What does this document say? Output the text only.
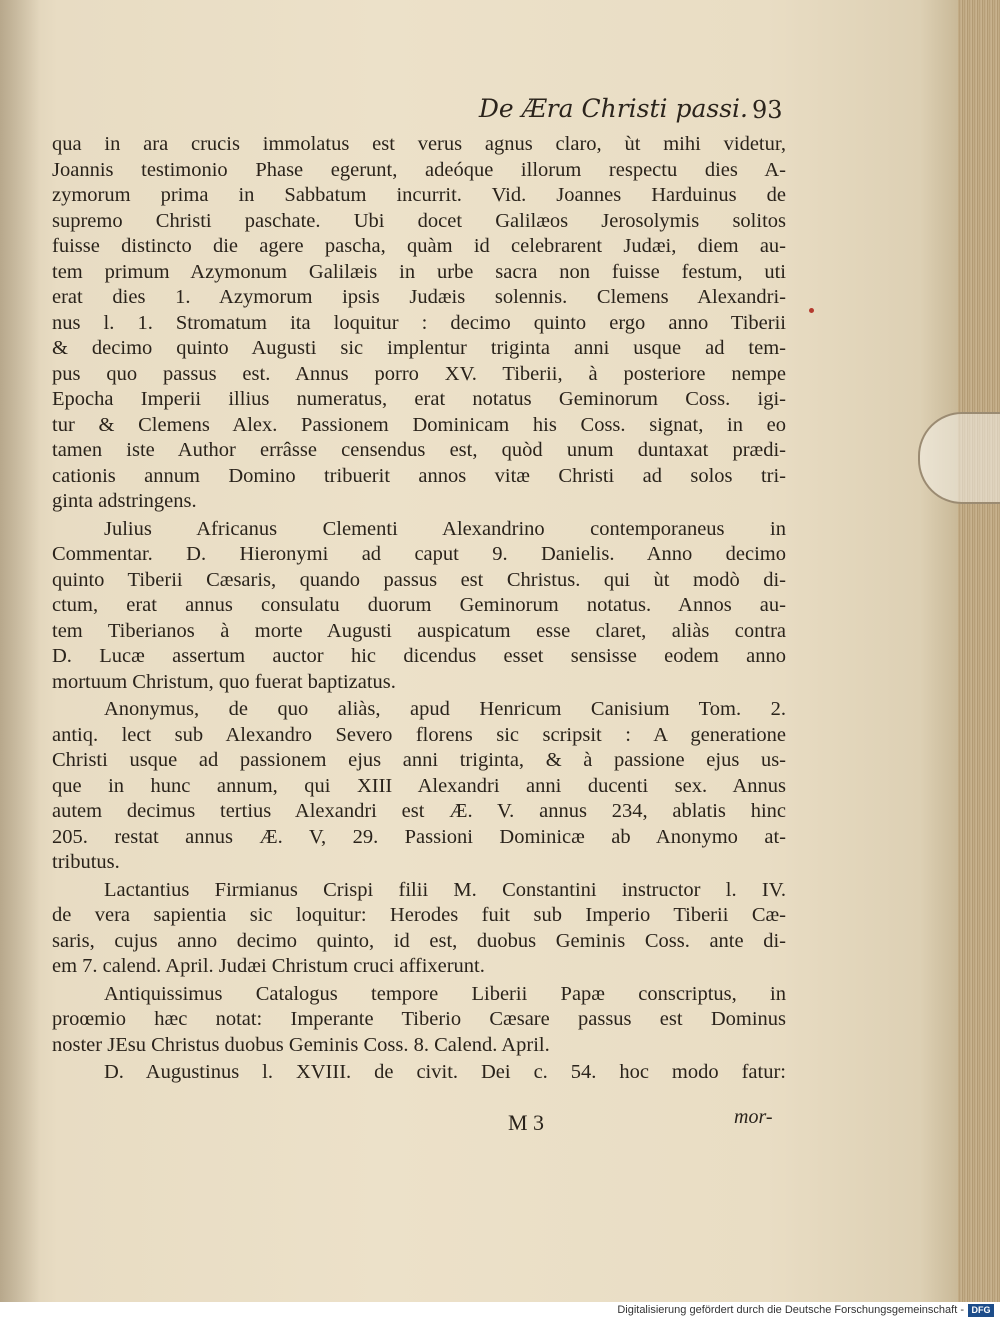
De Æra Christi passi. 93
qua in ara crucis immolatus est verus agnus claro, ùt mihi videtur,
Joannis testimonio Phase egerunt, adeóque illorum respectu dies A-
zymorum prima in Sabbatum incurrit. Vid. Joannes Harduinus de
supremo Christi paschate. Ubi docet Galilæos Jerosolymis solitos
fuisse distincto die agere pascha, quàm id celebrarent Judæi, diem au-
tem primum Azymonum Galilæis in urbe sacra non fuisse festum, uti
erat dies 1. Azymorum ipsis Judæis solennis. Clemens Alexandri-
nus l. 1. Stromatum ita loquitur : decimo quinto ergo anno Tiberii
& decimo quinto Augusti sic implentur triginta anni usque ad tem-
pus quo passus est. Annus porro XV. Tiberii, à posteriore nempe
Epocha Imperii illius numeratus, erat notatus Geminorum Coss. igi-
tur & Clemens Alex. Passionem Dominicam his Coss. signat, in eo
tamen iste Author errâsse censendus est, quòd unum duntaxat prædi-
cationis annum Domino tribuerit annos vitæ Christi ad solos tri-
ginta adstringens.
Julius Africanus Clementi Alexandrino contemporaneus in
Commentar. D. Hieronymi ad caput 9. Danielis. Anno decimo
quinto Tiberii Cæsaris, quando passus est Christus. qui ùt modò di-
ctum, erat annus consulatu duorum Geminorum notatus. Annos au-
tem Tiberianos à morte Augusti auspicatum esse claret, aliàs contra
D. Lucæ assertum auctor hic dicendus esset sensisse eodem anno
mortuum Christum, quo fuerat baptizatus.
Anonymus, de quo aliàs, apud Henricum Canisium Tom. 2.
antiq. lect sub Alexandro Severo florens sic scripsit : A generatione
Christi usque ad passionem ejus anni triginta, & à passione ejus us-
que in hunc annum, qui XIII Alexandri anni ducenti sex. Annus
autem decimus tertius Alexandri est Æ. V. annus 234, ablatis hinc
205. restat annus Æ. V, 29. Passioni Dominicæ ab Anonymo at-
tributus.
Lactantius Firmianus Crispi filii M. Constantini instructor l. IV.
de vera sapientia sic loquitur: Herodes fuit sub Imperio Tiberii Cæ-
saris, cujus anno decimo quinto, id est, duobus Geminis Coss. ante di-
em 7. calend. April. Judæi Christum cruci affixerunt.
Antiquissimus Catalogus tempore Liberii Papæ conscriptus, in
proœmio hæc notat: Imperante Tiberio Cæsare passus est Dominus
noster JEsu Christus duobus Geminis Coss. 8. Calend. April.
D. Augustinus l. XVIII. de civit. Dei c. 54. hoc modo fatur:
M 3	mor-
Digitalisierung gefördert durch die Deutsche Forschungsgemeinschaft - DFG
